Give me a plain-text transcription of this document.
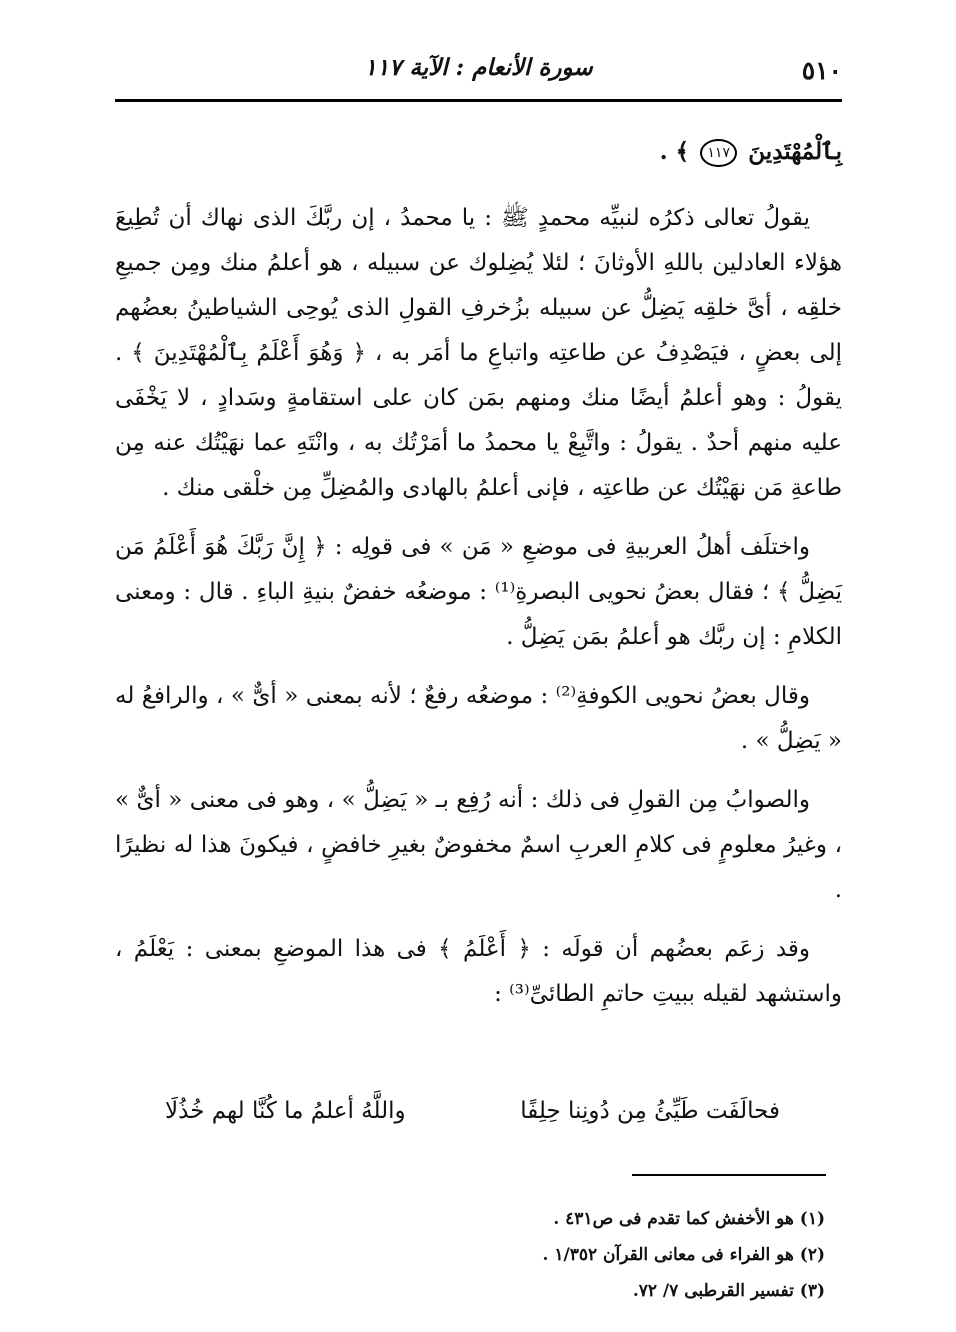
٥١٠
سورة الأنعام : الآية ١١٧

بِٱلْمُهْتَدِينَ ١١٧ ﴾ .

يقولُ تعالى ذكرُه لنبيِّه محمدٍ ﷺ : يا محمدُ ، إن ربَّكَ الذى نهاك أن تُطِيعَ هؤلاء العادلين باللهِ الأوثانَ ؛ لئلا يُضِلوك عن سبيله ، هو أعلمُ منك ومِن جميعِ خلقِه ، أىَّ خلقِه يَضِلُّ عن سبيله بزُخرفِ القولِ الذى يُوحِى الشياطينُ بعضُهم إلى بعضٍ ، فيَصْدِفُ عن طاعتِه واتباعِ ما أمَر به ، ﴿ وَهُوَ أَعْلَمُ بِٱلْمُهْتَدِينَ ﴾ . يقولُ : وهو أعلمُ أيضًا منك ومنهم بمَن كان على استقامةٍ وسَدادٍ ، لا يَخْفَى عليه منهم أحدٌ . يقولُ : واتَّبِعْ يا محمدُ ما أمَرْتُك به ، وانْتَهِ عما نهَيْتُك عنه مِن طاعةِ مَن نهَيْتُك عن طاعتِه ، فإنى أعلمُ بالهادى والمُضِلِّ مِن خلْقى منك .

واختلَف أهلُ العربيةِ فى موضعِ « مَن » فى قولِه : ﴿ إِنَّ رَبَّكَ هُوَ أَعْلَمُ مَن يَضِلُّ ﴾ ؛ فقال بعضُ نحويى البصرةِ⁽¹⁾ : موضعُه خفضٌ بنيةِ الباءِ . قال : ومعنى الكلامِ : إن ربَّك هو أعلمُ بمَن يَضِلُّ .

وقال بعضُ نحويى الكوفةِ⁽²⁾ : موضعُه رفعٌ ؛ لأنه بمعنى « أىٌّ » ، والرافعُ له « يَضِلُّ » .

والصوابُ مِن القولِ فى ذلك : أنه رُفِع بـ « يَضِلُّ » ، وهو فى معنى « أىٌّ » ، وغيرُ معلومٍ فى كلامِ العربِ اسمٌ مخفوضٌ بغيرِ خافضٍ ، فيكونَ هذا له نظيرًا .

وقد زعَم بعضُهم أن قولَه : ﴿ أَعْلَمُ ﴾ فى هذا الموضعِ بمعنى : يَعْلَمُ ، واستشهد لقيله ببيتِ حاتمِ الطائىِّ⁽³⁾ :

فحالَفَت طَيِّئُ مِن دُونِنا حِلِفًا
واللَّهُ أعلمُ ما كُنَّا لهم خُذُلَا
(١) هو الأخفش كما تقدم فى ص٤٣١ .
(٢) هو الفراء فى معانى القرآن ١/٣٥٢ .
(٣) تفسير القرطبى ٧/ ٧٢.
